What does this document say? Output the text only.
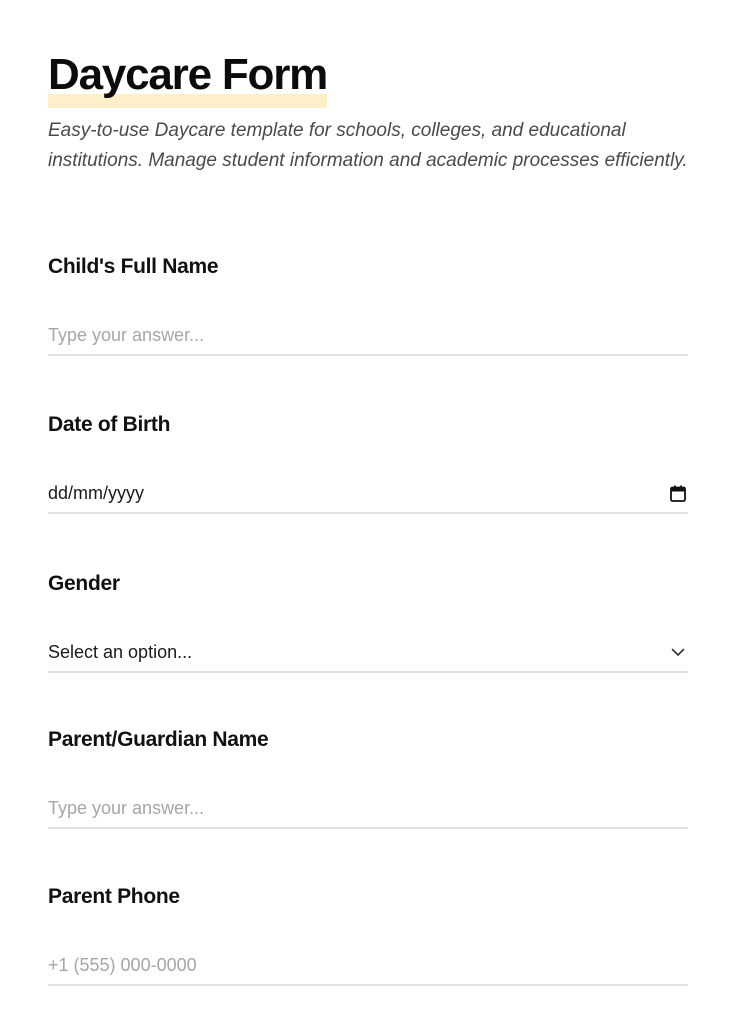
Daycare Form

Easy-to-use Daycare template for schools, colleges, and educational institutions. Manage student information and academic processes efficiently.

Child's Full Name
Type your answer...
Date of Birth
dd/mm/yyyy
Gender
Select an option...
Parent/Guardian Name
Type your answer...
Parent Phone
+1 (555) 000-0000
